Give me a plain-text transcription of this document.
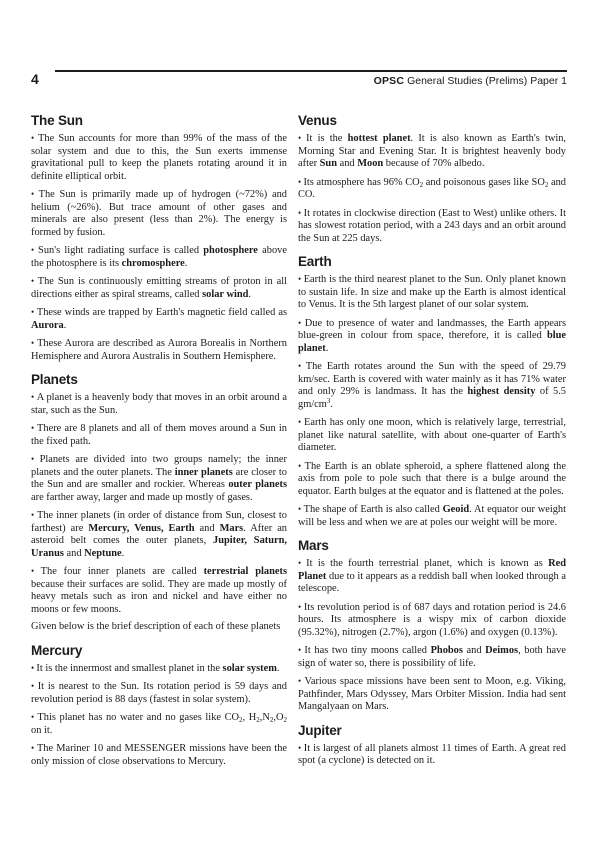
4	OPSC General Studies (Prelims) Paper 1
The Sun

• The Sun accounts for more than 99% of the mass of the solar system and due to this, the Sun exerts immense gravitational pull to keep the planets rotating around it in definite elliptical orbit.

• The Sun is primarily made up of hydrogen (~72%) and helium (~26%). But trace amount of other gases and minerals are also present (less than 2%). The energy is formed by fusion.

• Sun's light radiating surface is called photosphere above the photosphere is its chromosphere.

• The Sun is continuously emitting streams of proton in all directions either as spiral streams, called solar wind.

• These winds are trapped by Earth's magnetic field called as Aurora.

• These Aurora are described as Aurora Borealis in Northern Hemisphere and Aurora Australis in Southern Hemisphere.

Planets

• A planet is a heavenly body that moves in an orbit around a star, such as the Sun.

• There are 8 planets and all of them moves around a Sun in the fixed path.

• Planets are divided into two groups namely; the inner planets and the outer planets. The inner planets are closer to the Sun and are smaller and rockier. Whereas outer planets are farther away, larger and made up mostly of gases.

• The inner planets (in order of distance from Sun, closest to farthest) are Mercury, Venus, Earth and Mars. After an asteroid belt comes the outer planets, Jupiter, Saturn, Uranus and Neptune.

• The four inner planets are called terrestrial planets because their surfaces are solid. They are made up mostly of heavy metals such as iron and nickel and have either no moons or few moons.

Given below is the brief description of each of these planets

Mercury

• It is the innermost and smallest planet in the solar system.

• It is nearest to the Sun. Its rotation period is 59 days and revolution period is 88 days (fastest in solar system).

• This planet has no water and no gases like $CO_2$, $H_2,N_2,O_2$ on it.

• The Mariner 10 and MESSENGER missions have been the only mission of close observations to Mercury.

Venus

• It is the hottest planet. It is also known as Earth's twin, Morning Star and Evening Star. It is brightest heavenly body after Sun and Moon because of 70% albedo.

• Its atmosphere has 96% $CO_2$ and poisonous gases like $SO_2$ and CO.

• It rotates in clockwise direction (East to West) unlike others. It has slowest rotation period, with a 243 days and an orbit around the Sun at 225 days.

Earth

• Earth is the third nearest planet to the Sun. Only planet known to sustain life. In size and make up the Earth is almost identical to Venus. It is the 5th largest planet of our solar system.

• Due to presence of water and landmasses, the Earth appears blue-green in colour from space, therefore, it is called blue planet.

• The Earth rotates around the Sun with the speed of 29.79 km/sec. Earth is covered with water mainly as it has 71% water and only 29% is landmass. It has the highest density of 5.5 $gm/cm^3$.

• Earth has only one moon, which is relatively large, terrestrial, planet like natural satellite, with about one-quarter of Earth's diameter.

• The Earth is an oblate spheroid, a sphere flattened along the axis from pole to pole such that there is a bulge around the equator. Earth bulges at the equator and is flattened at the poles.

• The shape of Earth is also called Geoid. At equator our weight will be less and when we are at poles our weight will be more.

Mars

• It is the fourth terrestrial planet, which is known as Red Planet due to it appears as a reddish ball when looked through a telescope.

• Its revolution period is of 687 days and rotation period is 24.6 hours. Its atmosphere is a wispy mix of carbon dioxide (95.32%), nitrogen (2.7%), argon (1.6%) and oxygen (0.13%).

• It has two tiny moons called Phobos and Deimos, both have sign of water so, there is possibility of life.

• Various space missions have been sent to Moon, e.g. Viking, Pathfinder, Mars Odyssey, Mars Orbiter Mission. India had sent Mangalyaan on Mars.

Jupiter

• It is largest of all planets almost 11 times of Earth. A great red spot (a cyclone) is detected on it.
